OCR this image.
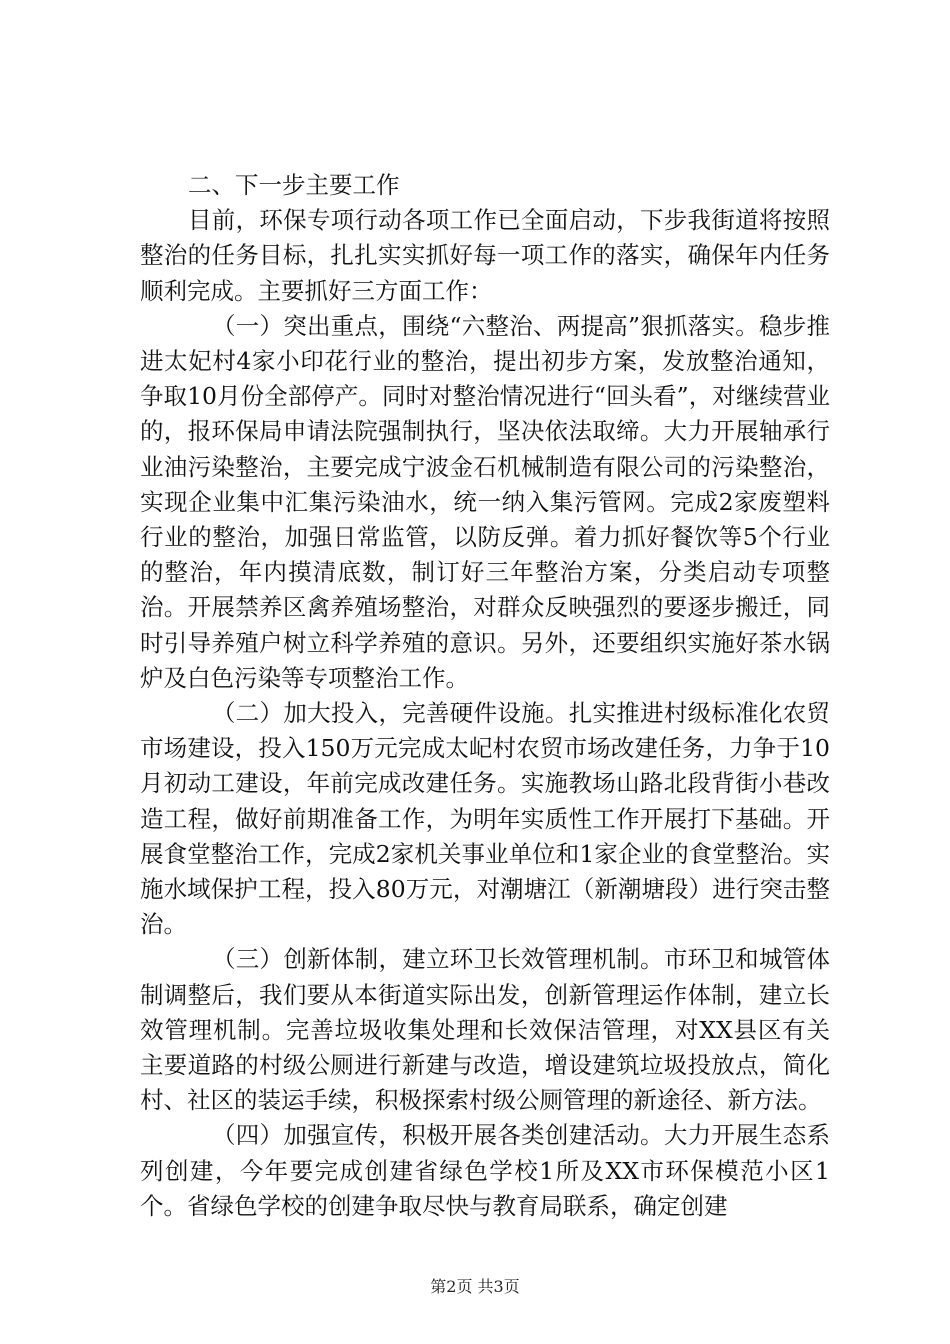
二、下一步主要工作

目前，环保专项行动各项工作已全面启动，下步我街道将按照整治的任务目标，扎扎实实抓好每一项工作的落实，确保年内任务顺利完成。主要抓好三方面工作：

（一）突出重点，围绕“六整治、两提高”狠抓落实。稳步推进太妃村4家小印花行业的整治，提出初步方案，发放整治通知，争取10月份全部停产。同时对整治情况进行“回头看”，对继续营业的，报环保局申请法院强制执行，坚决依法取缔。大力开展轴承行业油污染整治，主要完成宁波金石机械制造有限公司的污染整治，实现企业集中汇集污染油水，统一纳入集污管网。完成2家废塑料行业的整治，加强日常监管，以防反弹。着力抓好餐饮等5个行业的整治，年内摸清底数，制订好三年整治方案，分类启动专项整治。开展禁养区禽养殖场整治，对群众反映强烈的要逐步搬迁，同时引导养殖户树立科学养殖的意识。另外，还要组织实施好茶水锅炉及白色污染等专项整治工作。

（二）加大投入，完善硬件设施。扎实推进村级标准化农贸市场建设，投入150万元完成太屺村农贸市场改建任务，力争于10月初动工建设，年前完成改建任务。实施教场山路北段背街小巷改造工程，做好前期准备工作，为明年实质性工作开展打下基础。开展食堂整治工作，完成2家机关事业单位和1家企业的食堂整治。实施水域保护工程，投入80万元，对潮塘江（新潮塘段）进行突击整治。

（三）创新体制，建立环卫长效管理机制。市环卫和城管体制调整后，我们要从本街道实际出发，创新管理运作体制，建立长效管理机制。完善垃圾收集处理和长效保洁管理，对XX县区有关主要道路的村级公厕进行新建与改造，增设建筑垃圾投放点，简化村、社区的装运手续，积极探索村级公厕管理的新途径、新方法。

（四）加强宣传，积极开展各类创建活动。大力开展生态系列创建，今年要完成创建省绿色学校1所及XX市环保模范小区1个。省绿色学校的创建争取尽快与教育局联系，确定创建

第2页 共3页
